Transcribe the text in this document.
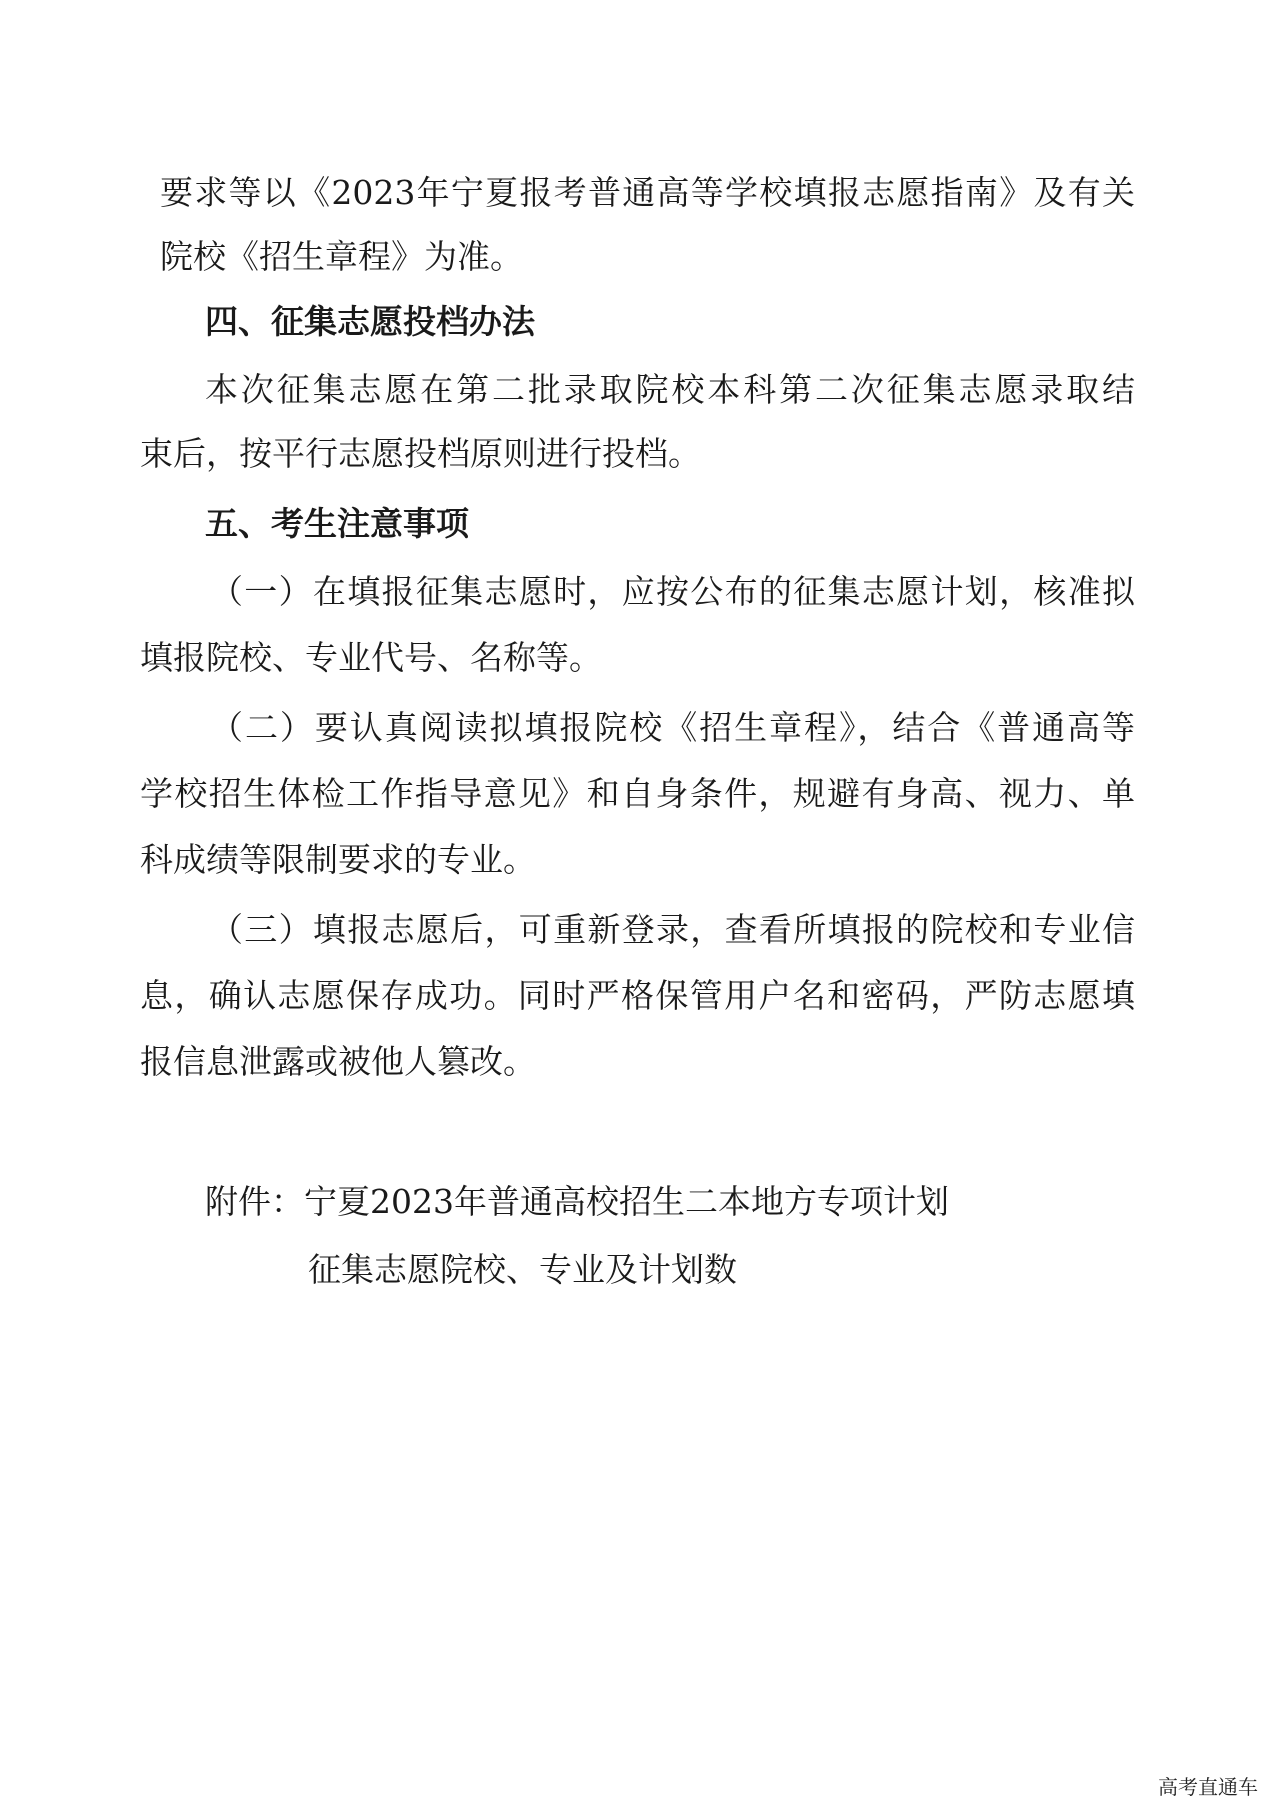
要求等以《2023年宁夏报考普通高等学校填报志愿指南》及有关
院校《招生章程》为准。
四、征集志愿投档办法
本次征集志愿在第二批录取院校本科第二次征集志愿录取结
束后，按平行志愿投档原则进行投档。
五、考生注意事项
（一）在填报征集志愿时，应按公布的征集志愿计划，核准拟
填报院校、专业代号、名称等。
（二）要认真阅读拟填报院校《招生章程》，结合《普通高等
学校招生体检工作指导意见》和自身条件，规避有身高、视力、单
科成绩等限制要求的专业。
（三）填报志愿后，可重新登录，查看所填报的院校和专业信
息，确认志愿保存成功。同时严格保管用户名和密码，严防志愿填
报信息泄露或被他人篡改。
附件：宁夏2023年普通高校招生二本地方专项计划
征集志愿院校、专业及计划数
高考直通车
